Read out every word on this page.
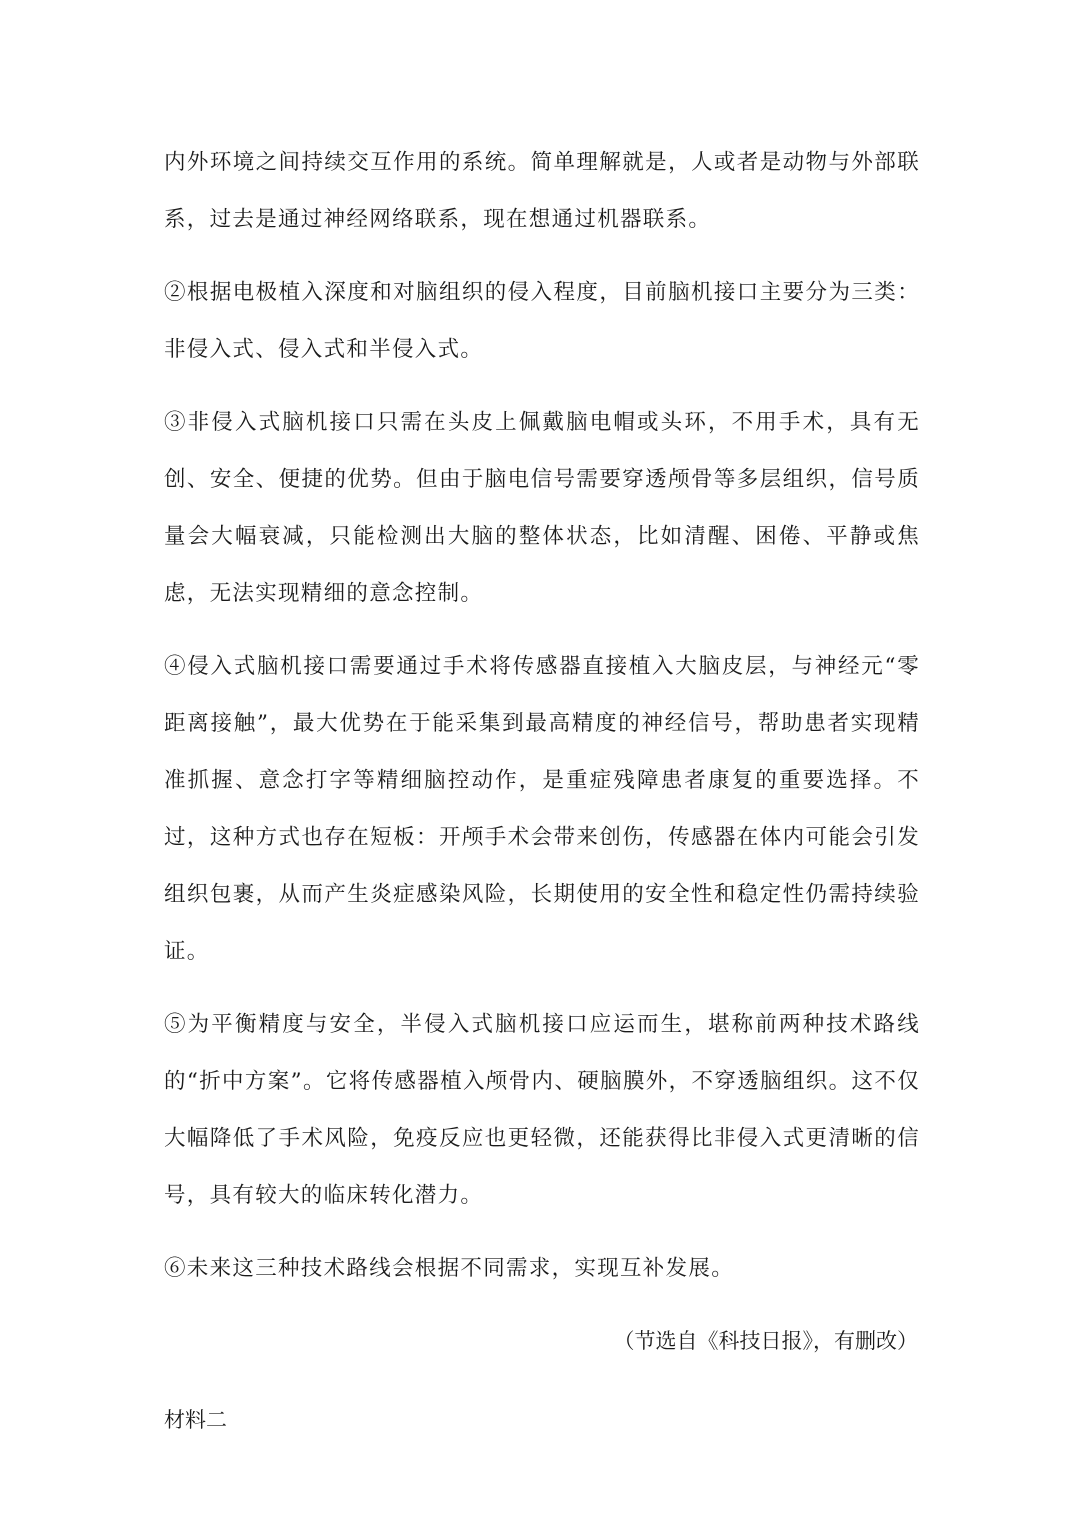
内外环境之间持续交互作用的系统。简单理解就是，人或者是动物与外部联系，过去是通过神经网络联系，现在想通过机器联系。

②根据电极植入深度和对脑组织的侵入程度，目前脑机接口主要分为三类：非侵入式、侵入式和半侵入式。

③非侵入式脑机接口只需在头皮上佩戴脑电帽或头环，不用手术，具有无创、安全、便捷的优势。但由于脑电信号需要穿透颅骨等多层组织，信号质量会大幅衰减，只能检测出大脑的整体状态，比如清醒、困倦、平静或焦虑，无法实现精细的意念控制。

④侵入式脑机接口需要通过手术将传感器直接植入大脑皮层，与神经元“零距离接触”，最大优势在于能采集到最高精度的神经信号，帮助患者实现精准抓握、意念打字等精细脑控动作，是重症残障患者康复的重要选择。不过，这种方式也存在短板：开颅手术会带来创伤，传感器在体内可能会引发组织包裹，从而产生炎症感染风险，长期使用的安全性和稳定性仍需持续验证。

⑤为平衡精度与安全，半侵入式脑机接口应运而生，堪称前两种技术路线的“折中方案”。它将传感器植入颅骨内、硬脑膜外，不穿透脑组织。这不仅大幅降低了手术风险，免疫反应也更轻微，还能获得比非侵入式更清晰的信号，具有较大的临床转化潜力。

⑥未来这三种技术路线会根据不同需求，实现互补发展。

（节选自《科技日报》，有删改）

材料二
